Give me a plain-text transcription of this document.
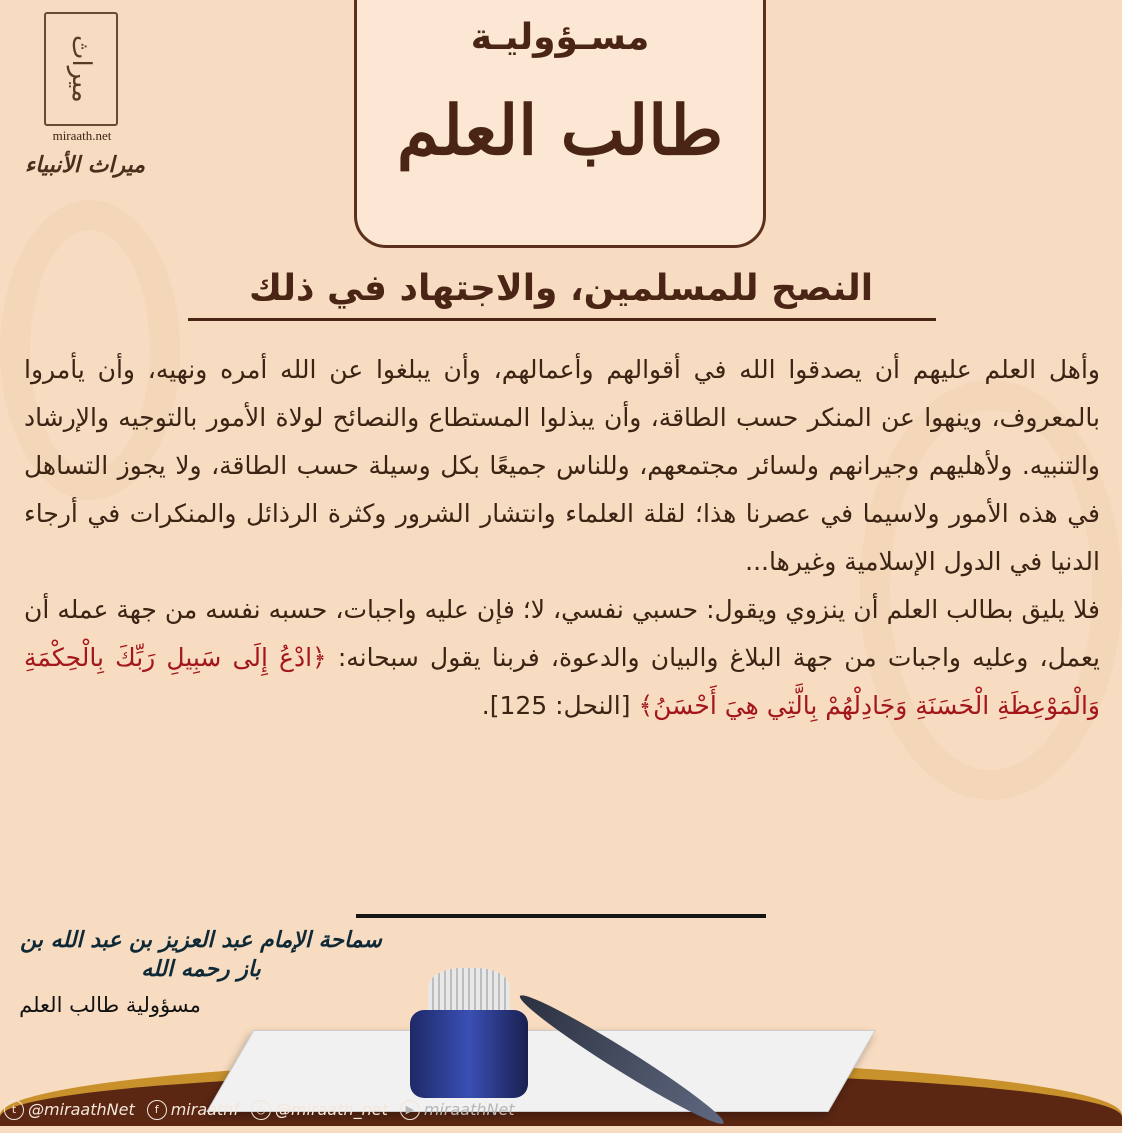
ميراث
miraath.net
ميراث الأنبياء
مسـؤوليـة
طالب العلم
النصح للمسلمين، والاجتهاد في ذلك

وأهل العلم عليهم أن يصدقوا الله في أقوالهم وأعمالهم، وأن يبلغوا عن الله أمره ونهيه، وأن يأمروا بالمعروف، وينهوا عن المنكر حسب الطاقة، وأن يبذلوا المستطاع والنصائح لولاة الأمور بالتوجيه والإرشاد والتنبيه. ولأهليهم وجيرانهم ولسائر مجتمعهم، وللناس جميعًا بكل وسيلة حسب الطاقة، ولا يجوز التساهل في هذه الأمور ولاسيما في عصرنا هذا؛ لقلة العلماء وانتشار الشرور وكثرة الرذائل والمنكرات في أرجاء الدنيا في الدول الإسلامية وغيرها...

فلا يليق بطالب العلم أن ينزوي ويقول: حسبي نفسي، لا؛ فإن عليه واجبات، حسبه نفسه من جهة عمله أن يعمل، وعليه واجبات من جهة البلاغ والبيان والدعوة، فربنا يقول سبحانه: ﴿ادْعُ إِلَى سَبِيلِ رَبِّكَ بِالْحِكْمَةِ وَالْمَوْعِظَةِ الْحَسَنَةِ وَجَادِلْهُمْ بِالَّتِي هِيَ أَحْسَنُ﴾ [النحل: 125].

سماحة الإمام عبد العزيز بن عبد الله بن باز رحمه الله
مسؤولية طالب العلم
t @miraathNet	f miraathf	◎ @miraath_net	▶ miraathNet
